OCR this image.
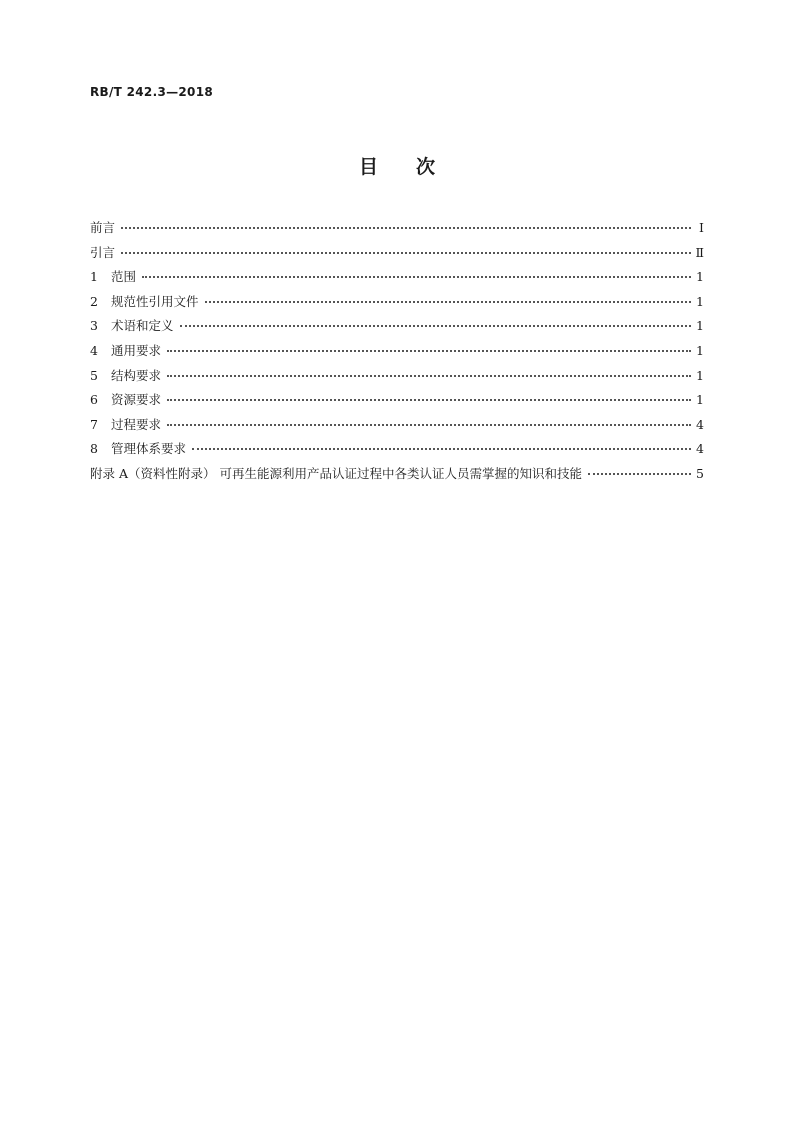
RB/T 242.3—2018
目次
前言	Ⅰ
引言	Ⅱ
1	范围	1
2	规范性引用文件	1
3	术语和定义	1
4	通用要求	1
5	结构要求	1
6	资源要求	1
7	过程要求	4
8	管理体系要求	4
附录 A（资料性附录） 可再生能源利用产品认证过程中各类认证人员需掌握的知识和技能	5
